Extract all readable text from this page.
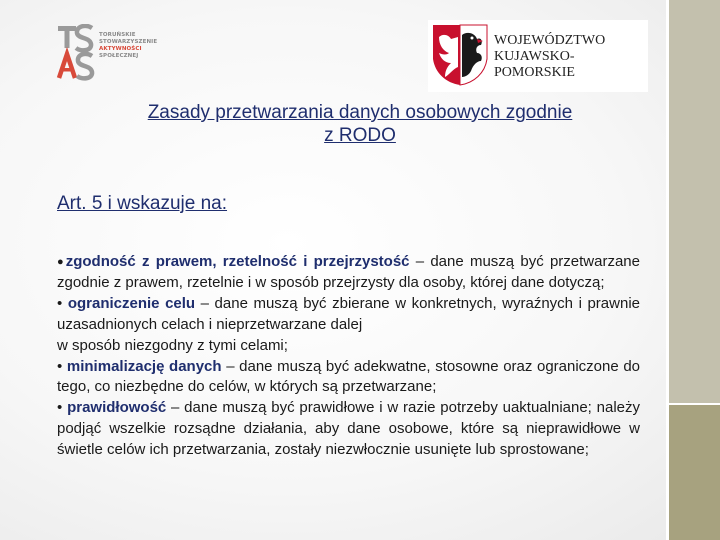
TORUŃSKIE
STOWARZYSZENIE
AKTYWNOŚCI
SPOŁECZNEJ
WOJEWÓDZTWO
KUJAWSKO-POMORSKIE
Zasady przetwarzania danych osobowych zgodnie
z RODO
Art. 5 i wskazuje na:

●zgodność z prawem, rzetelność i przejrzystość – dane muszą być przetwarzane zgodnie z prawem, rzetelnie i w sposób przejrzysty dla osoby, której dane dotyczą;

• ograniczenie celu – dane muszą być zbierane w konkretnych, wyraźnych i prawnie uzasadnionych celach i nieprzetwarzane dalej

w sposób niezgodny z tymi celami;

• minimalizację danych – dane muszą być adekwatne, stosowne oraz ograniczone do tego, co niezbędne do celów, w których są przetwarzane;

• prawidłowość – dane muszą być prawidłowe i w razie potrzeby uaktualniane; należy podjąć wszelkie rozsądne działania, aby dane osobowe, które są nieprawidłowe w świetle celów ich przetwarzania, zostały niezwłocznie usunięte lub sprostowane;
